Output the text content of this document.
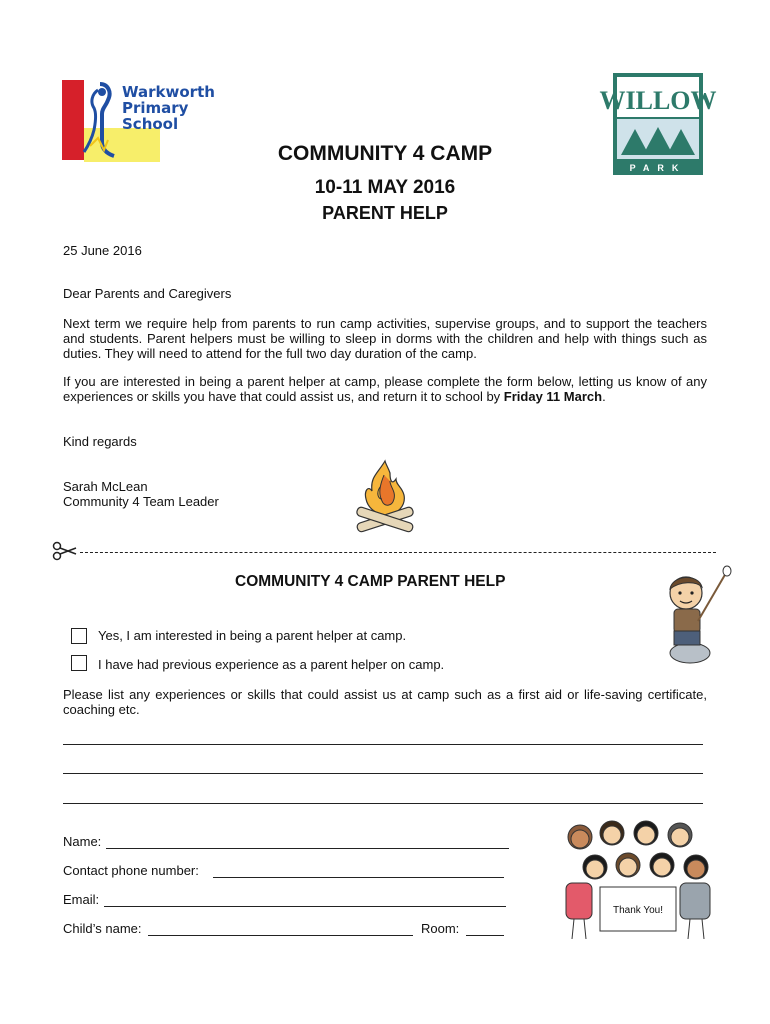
Warkworth
Primary
School
WILLOW
PARK
COMMUNITY 4 CAMP
10-11 MAY 2016
PARENT HELP
25 June 2016
Dear Parents and Caregivers
Next term we require help from parents to run camp activities, supervise groups, and to support the teachers and students. Parent helpers must be willing to sleep in dorms with the children and help with things such as duties. They will need to attend for the full two day duration of the camp.
If you are interested in being a parent helper at camp, please complete the form below, letting us know of any experiences or skills you have that could assist us, and return it to school by Friday 11 March.
Kind regards
Sarah McLean
Community 4 Team Leader
COMMUNITY 4 CAMP PARENT HELP
Yes, I am interested in being a parent helper at camp.
I have had previous experience as a parent helper on camp.
Please list any experiences or skills that could assist us at camp such as a first aid or life-saving certificate, coaching etc.
Name:
Contact phone number:
Email:
Child’s name:	Room:
Thank You!
